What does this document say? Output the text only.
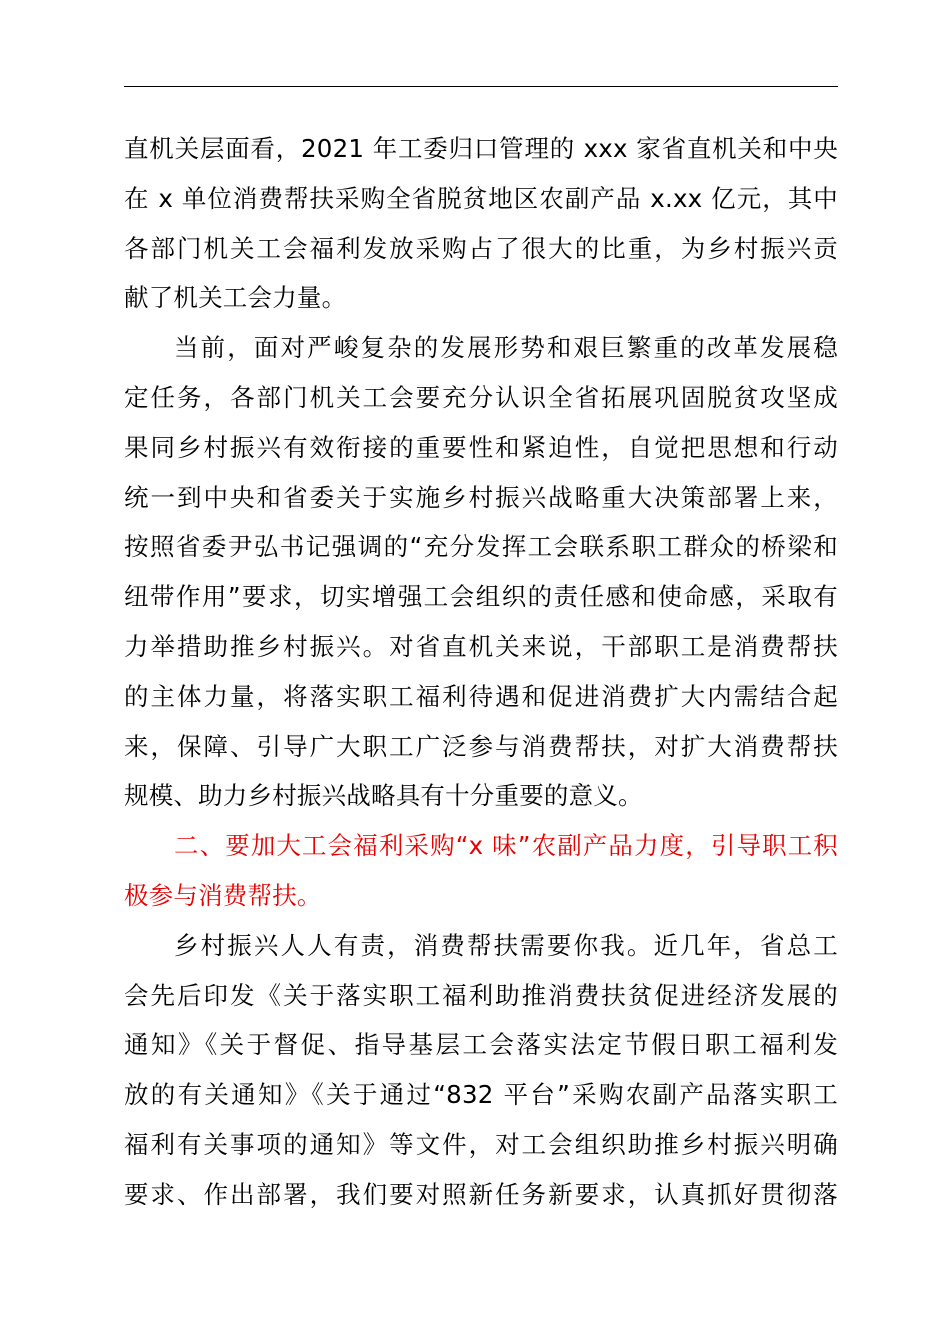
直机关层面看，2021 年工委归口管理的 xxx 家省直机关和中央
在 x 单位消费帮扶采购全省脱贫地区农副产品 x.xx 亿元，其中
各部门机关工会福利发放采购占了很大的比重，为乡村振兴贡
献了机关工会力量。
当前，面对严峻复杂的发展形势和艰巨繁重的改革发展稳
定任务，各部门机关工会要充分认识全省拓展巩固脱贫攻坚成
果同乡村振兴有效衔接的重要性和紧迫性，自觉把思想和行动
统一到中央和省委关于实施乡村振兴战略重大决策部署上来，
按照省委尹弘书记强调的“充分发挥工会联系职工群众的桥梁和
纽带作用”要求，切实增强工会组织的责任感和使命感，采取有
力举措助推乡村振兴。对省直机关来说，干部职工是消费帮扶
的主体力量，将落实职工福利待遇和促进消费扩大内需结合起
来，保障、引导广大职工广泛参与消费帮扶，对扩大消费帮扶
规模、助力乡村振兴战略具有十分重要的意义。
二、要加大工会福利采购“x 味”农副产品力度，引导职工积
极参与消费帮扶。
乡村振兴人人有责，消费帮扶需要你我。近几年，省总工
会先后印发《关于落实职工福利助推消费扶贫促进经济发展的
通知》《关于督促、指导基层工会落实法定节假日职工福利发
放的有关通知》《关于通过“832 平台”采购农副产品落实职工
福利有关事项的通知》等文件，对工会组织助推乡村振兴明确
要求、作出部署，我们要对照新任务新要求，认真抓好贯彻落
